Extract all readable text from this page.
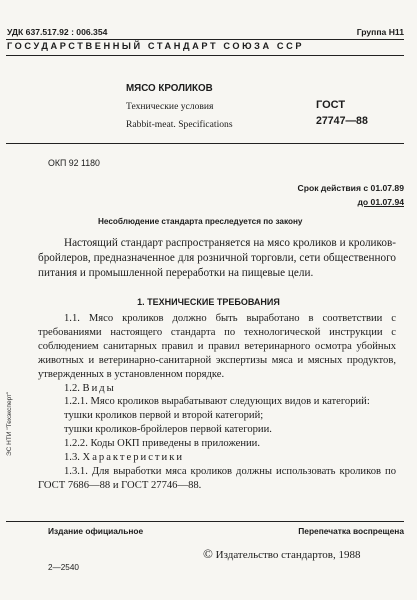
УДК 637.517.92 : 006.354	Группа Н11
ГОСУДАРСТВЕННЫЙ СТАНДАРТ СОЮЗА ССР
МЯСО КРОЛИКОВ
Технические условия
Rabbit-meat. Specifications
ГОСТ
27747—88
ОКП 92 1180
Срок действия с 01.07.89
до 01.07.94
Несоблюдение стандарта преследуется по закону

Настоящий стандарт распространяется на мясо кроликов и кроликов-бройлеров, предназначенное для розничной торговли, сети общественного питания и промышленной переработки на пищевые цели.

1. ТЕХНИЧЕСКИЕ ТРЕБОВАНИЯ

1.1. Мясо кроликов должно быть выработано в соответствии с требованиями настоящего стандарта по технологической инструкции с соблюдением санитарных правил и правил ветеринарного осмотра убойных животных и ветеринарно-санитарной экспертизы мяса и мясных продуктов, утвержденных в установленном порядке.

1.2. Виды

1.2.1. Мясо кроликов вырабатывают следующих видов и категорий:

тушки кроликов первой и второй категорий;

тушки кроликов-бройлеров первой категории.

1.2.2. Коды ОКП приведены в приложении.

1.3. Характеристики

1.3.1. Для выработки мяса кроликов должны использовать кроликов по ГОСТ 7686—88 и ГОСТ 27746—88.

Издание официальное	Перепечатка воспрещена
© Издательство стандартов, 1988
2—2540
ЭС НТИ "Техэксперт"
